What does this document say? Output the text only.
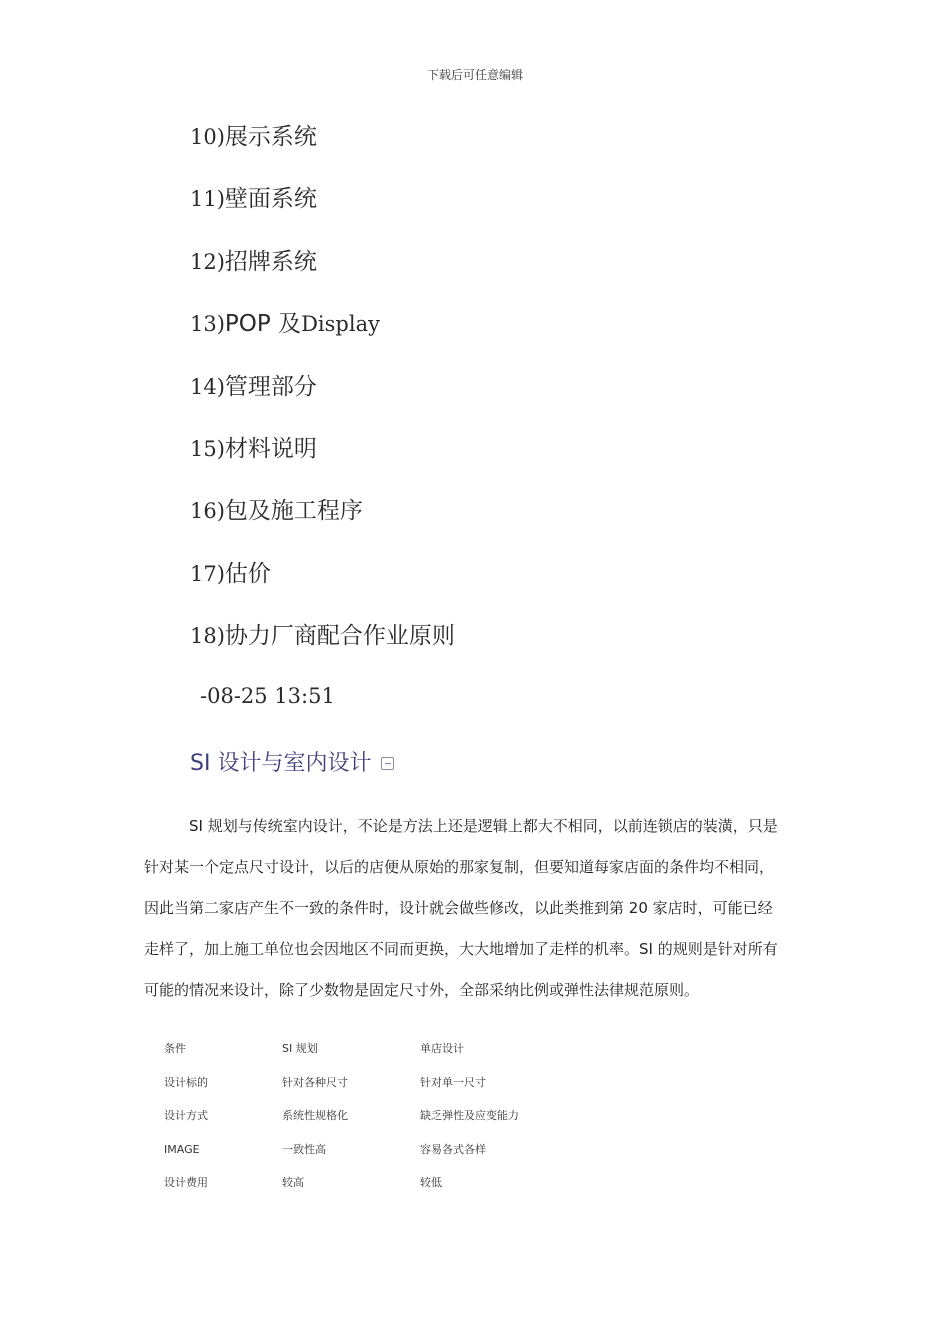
下载后可任意编辑
10)展示系统
11)壁面系统
12)招牌系统
13)POP 及Display
14)管理部分
15)材料说明
16)包及施工程序
17)估价
18)协力厂商配合作业原则
-08-25 13:51
SI 设计与室内设计
SI 规划与传统室内设计，不论是方法上还是逻辑上都大不相同，以前连锁店的装潢，只是
针对某一个定点尺寸设计，以后的店便从原始的那家复制，但要知道每家店面的条件均不相同，
因此当第二家店产生不一致的条件时，设计就会做些修改，以此类推到第 20 家店时，可能已经
走样了，加上施工单位也会因地区不同而更换，大大地增加了走样的机率。SI 的规则是针对所有
可能的情况来设计，除了少数物是固定尺寸外，全部采纳比例或弹性法律规范原则。
条件	SI 规划	单店设计
设计标的	针对各种尺寸	针对单一尺寸
设计方式	系统性规格化	缺乏弹性及应变能力
IMAGE	一致性高	容易各式各样
设计费用	较高	较低
